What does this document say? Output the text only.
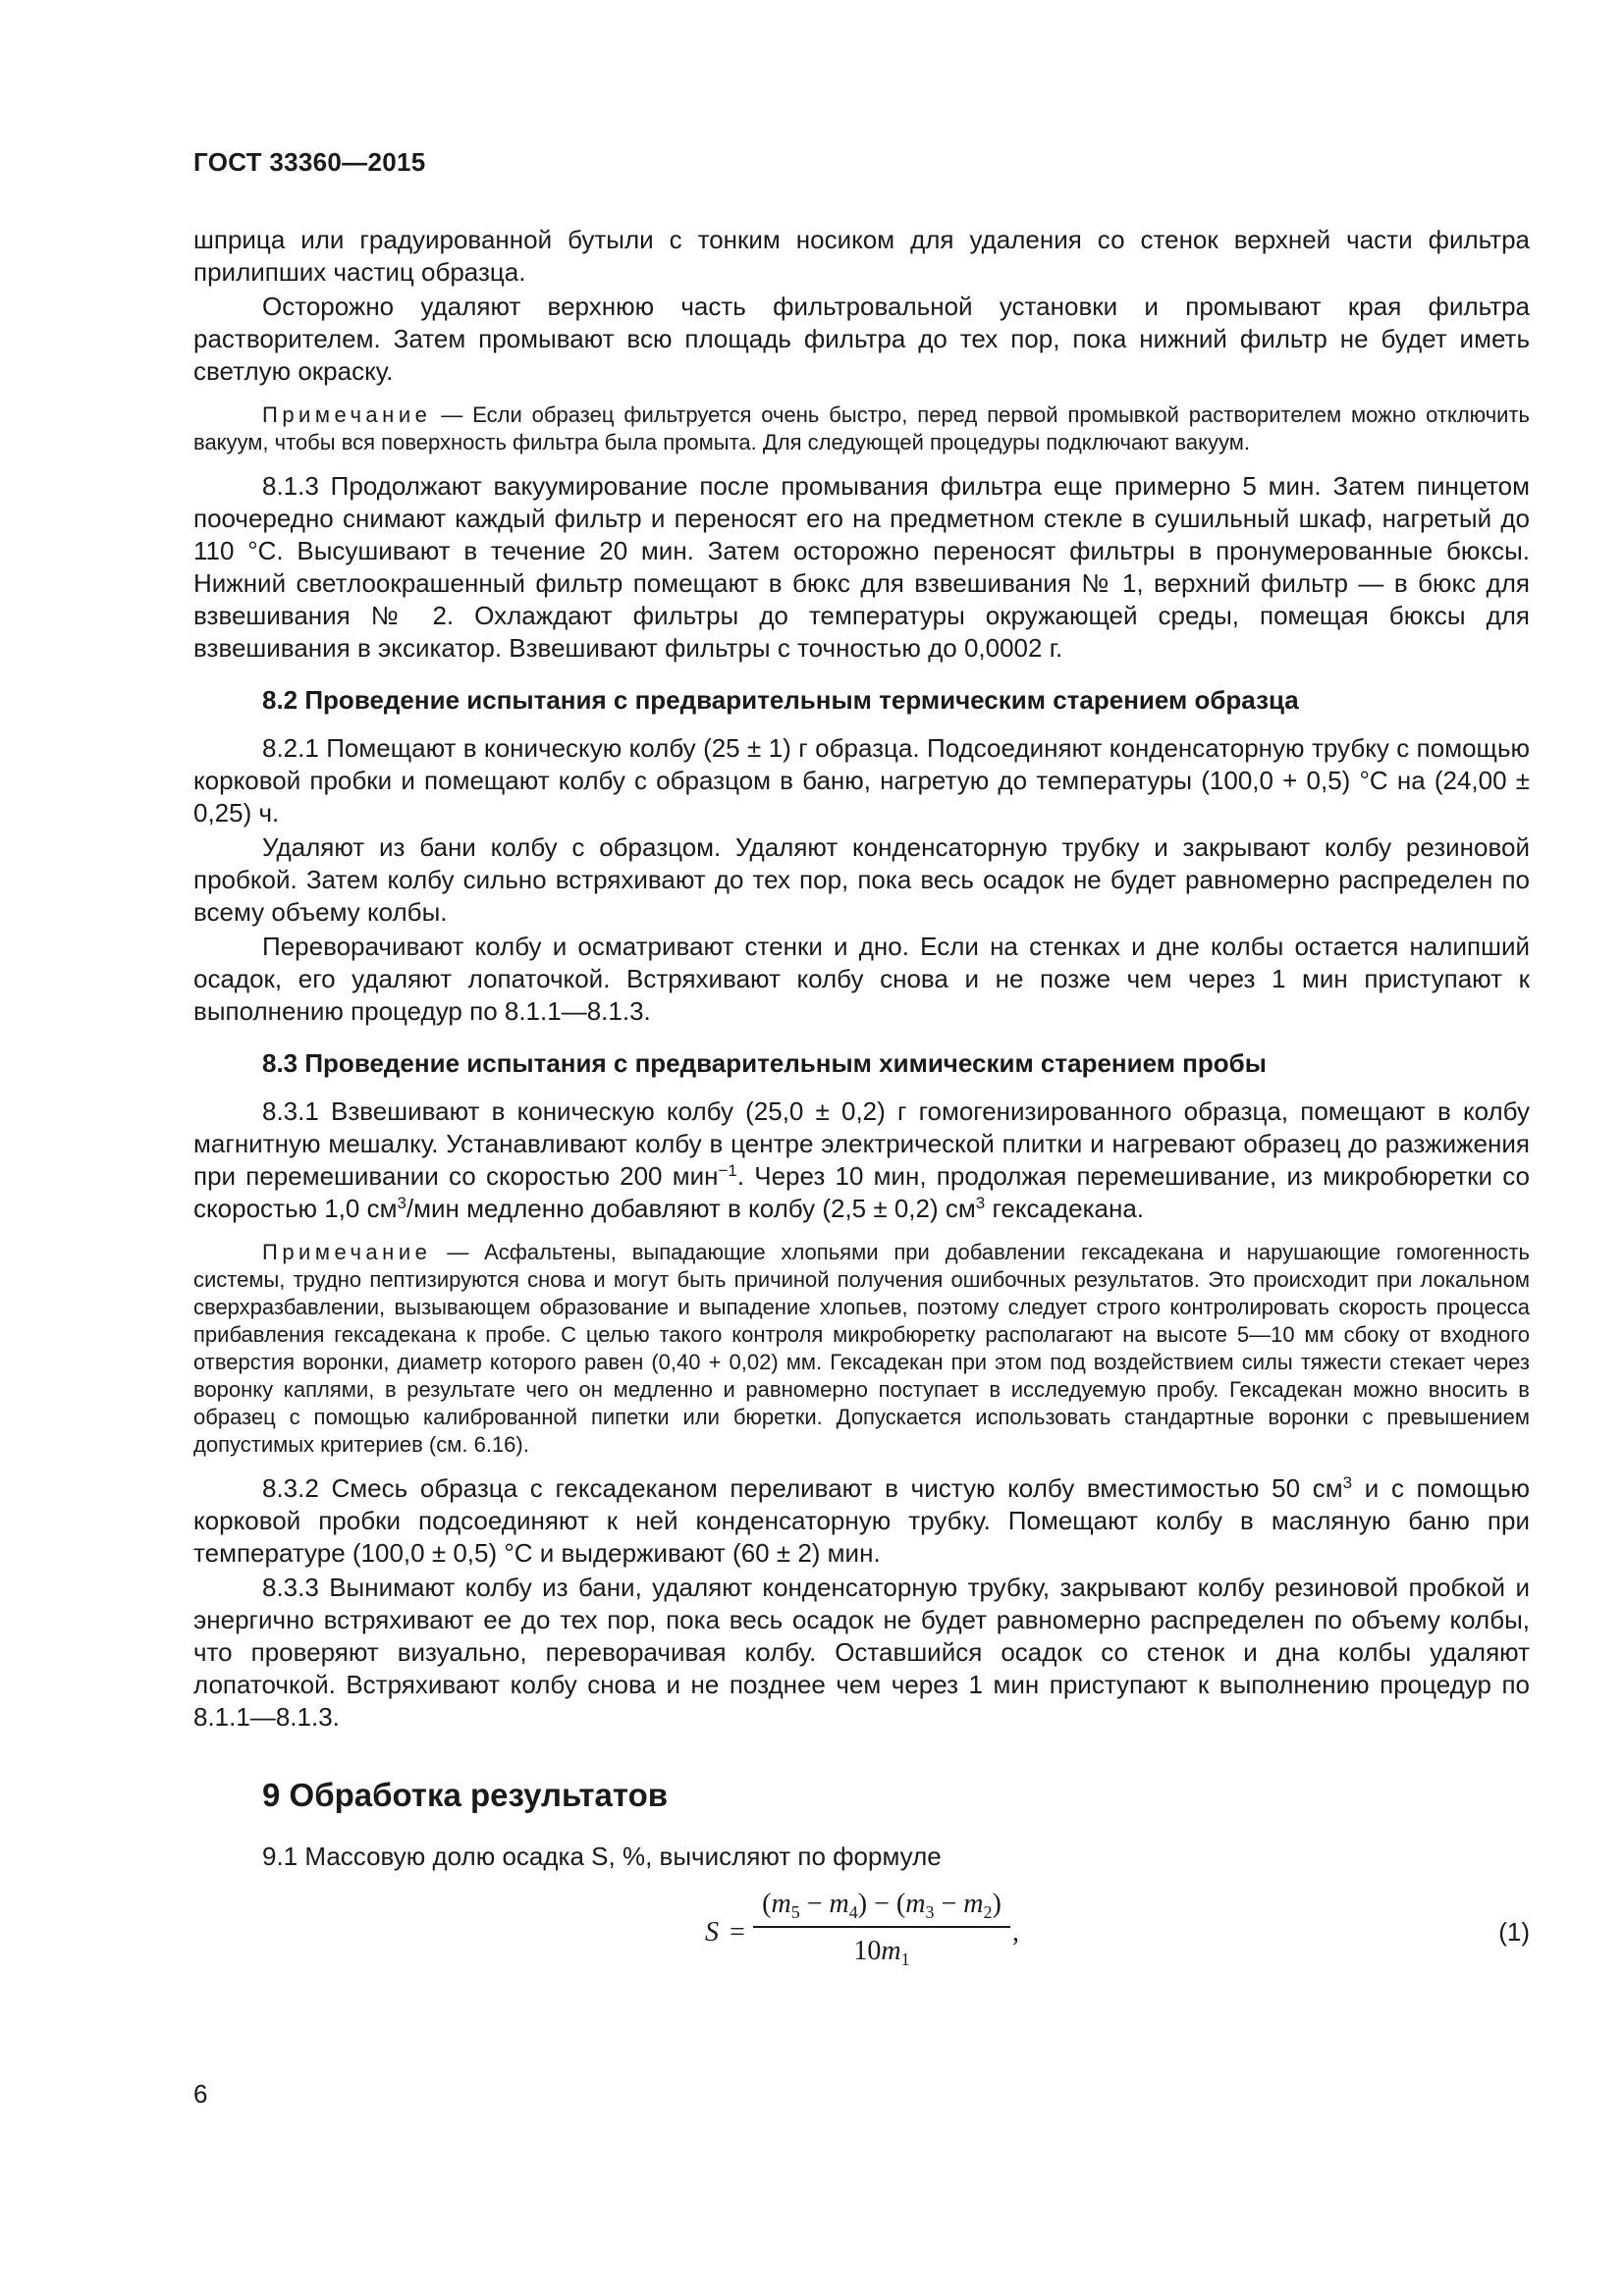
ГОСТ 33360—2015

шприца или градуированной бутыли с тонким носиком для удаления со стенок верхней части фильтра прилипших частиц образца.

Осторожно удаляют верхнюю часть фильтровальной установки и промывают края фильтра растворителем. Затем промывают всю площадь фильтра до тех пор, пока нижний фильтр не будет иметь светлую окраску.

Примечание — Если образец фильтруется очень быстро, перед первой промывкой растворителем можно отключить вакуум, чтобы вся поверхность фильтра была промыта. Для следующей процедуры подключают вакуум.

8.1.3 Продолжают вакуумирование после промывания фильтра еще примерно 5 мин. Затем пинцетом поочередно снимают каждый фильтр и переносят его на предметном стекле в сушильный шкаф, нагретый до 110 °С. Высушивают в течение 20 мин. Затем осторожно переносят фильтры в пронумерованные бюксы. Нижний светлоокрашенный фильтр помещают в бюкс для взвешивания № 1, верхний фильтр — в бюкс для взвешивания № 2. Охлаждают фильтры до температуры окружающей среды, помещая бюксы для взвешивания в эксикатор. Взвешивают фильтры с точностью до 0,0002 г.

8.2 Проведение испытания с предварительным термическим старением образца

8.2.1 Помещают в коническую колбу (25 ± 1) г образца. Подсоединяют конденсаторную трубку с помощью корковой пробки и помещают колбу с образцом в баню, нагретую до температуры (100,0 + 0,5) °С на (24,00 ± 0,25) ч.

Удаляют из бани колбу с образцом. Удаляют конденсаторную трубку и закрывают колбу резиновой пробкой. Затем колбу сильно встряхивают до тех пор, пока весь осадок не будет равномерно распределен по всему объему колбы.

Переворачивают колбу и осматривают стенки и дно. Если на стенках и дне колбы остается налипший осадок, его удаляют лопаточкой. Встряхивают колбу снова и не позже чем через 1 мин приступают к выполнению процедур по 8.1.1—8.1.3.

8.3 Проведение испытания с предварительным химическим старением пробы

8.3.1 Взвешивают в коническую колбу (25,0 ± 0,2) г гомогенизированного образца, помещают в колбу магнитную мешалку. Устанавливают колбу в центре электрической плитки и нагревают образец до разжижения при перемешивании со скоростью 200 мин$^{-1}$. Через 10 мин, продолжая перемешивание, из микробюретки со скоростью 1,0 $см^3$/мин медленно добавляют в колбу (2,5 ± 0,2) $см^3$ гексадекана.

Примечание — Асфальтены, выпадающие хлопьями при добавлении гексадекана и нарушающие гомогенность системы, трудно пептизируются снова и могут быть причиной получения ошибочных результатов. Это происходит при локальном сверхразбавлении, вызывающем образование и выпадение хлопьев, поэтому следует строго контролировать скорость процесса прибавления гексадекана к пробе. С целью такого контроля микробюретку располагают на высоте 5—10 мм сбоку от входного отверстия воронки, диаметр которого равен (0,40 + 0,02) мм. Гексадекан при этом под воздействием силы тяжести стекает через воронку каплями, в результате чего он медленно и равномерно поступает в исследуемую пробу. Гексадекан можно вносить в образец с помощью калиброванной пипетки или бюретки. Допускается использовать стандартные воронки с превышением допустимых критериев (см. 6.16).

8.3.2 Смесь образца с гексадеканом переливают в чистую колбу вместимостью 50 $см^3$ и с помощью корковой пробки подсоединяют к ней конденсаторную трубку. Помещают колбу в масляную баню при температуре (100,0 ± 0,5) °С и выдерживают (60 ± 2) мин.

8.3.3 Вынимают колбу из бани, удаляют конденсаторную трубку, закрывают колбу резиновой пробкой и энергично встряхивают ее до тех пор, пока весь осадок не будет равномерно распределен по объему колбы, что проверяют визуально, переворачивая колбу. Оставшийся осадок со стенок и дна колбы удаляют лопаточкой. Встряхивают колбу снова и не позднее чем через 1 мин приступают к выполнению процедур по 8.1.1—8.1.3.

9 Обработка результатов

9.1 Массовую долю осадка S, %, вычисляют по формуле

S =
$(m_5 - m_4) - (m_3 - m_2)$
$10m_1$
,	(1)
6
